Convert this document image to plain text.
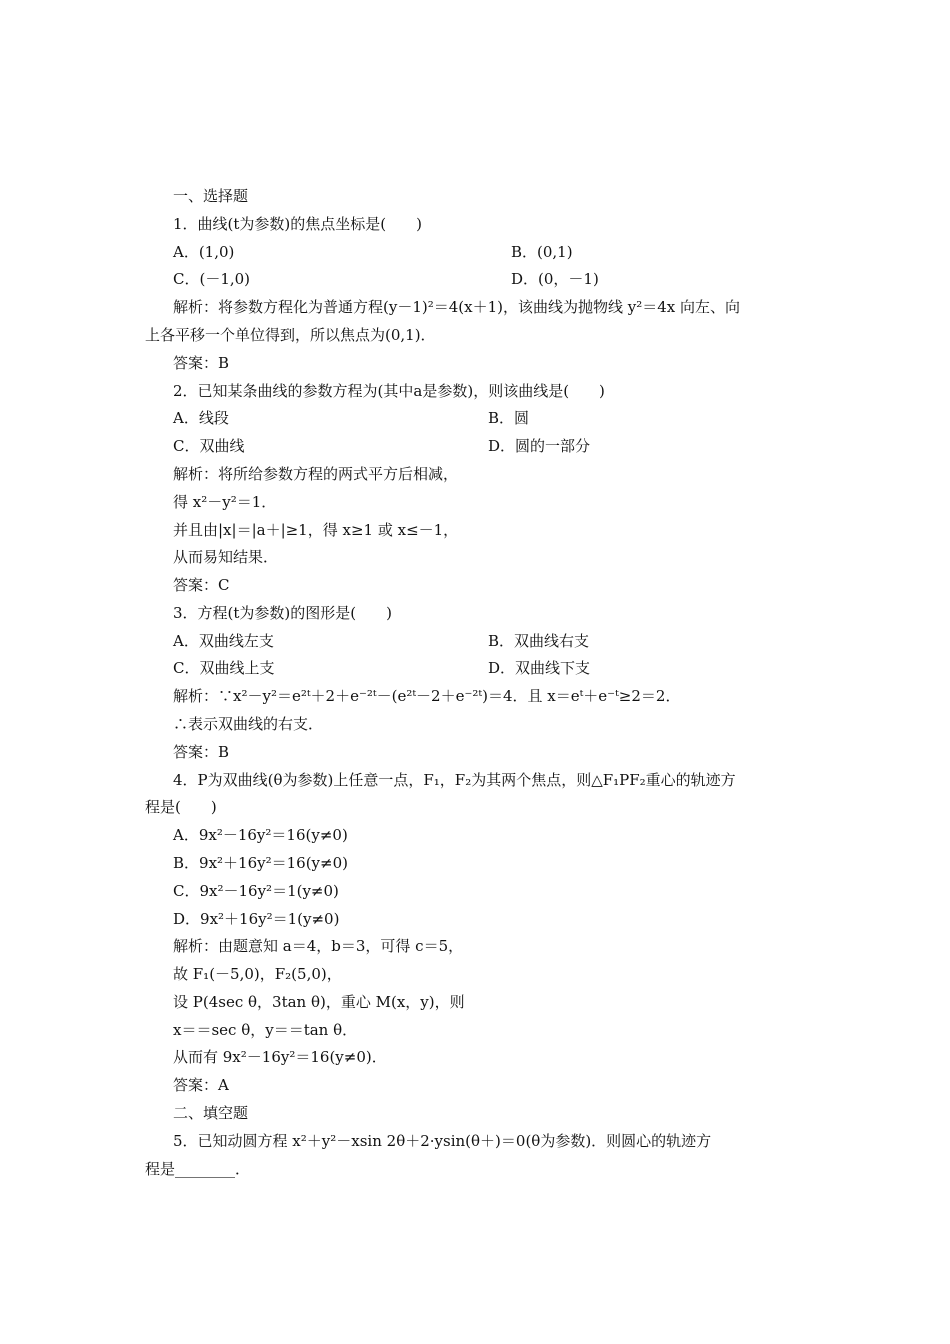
一、选择题
1．曲线(t为参数)的焦点坐标是(　　)
A．(1,0)	B．(0,1)
C．(－1,0)	D．(0，－1)
解析：将参数方程化为普通方程(y－1)²＝4(x＋1)，该曲线为抛物线 y²＝4x 向左、向
上各平移一个单位得到，所以焦点为(0,1)．
答案：B
2．已知某条曲线的参数方程为(其中a是参数)，则该曲线是(　　)
A．线段	B．圆
C．双曲线	D．圆的一部分
解析：将所给参数方程的两式平方后相减，
得 x²－y²＝1．
并且由|x|＝|a＋|≥1，得 x≥1 或 x≤－1，
从而易知结果．
答案：C
3．方程(t为参数)的图形是(　　)
A．双曲线左支	B．双曲线右支
C．双曲线上支	D．双曲线下支
解析：∵x²－y²＝e²ᵗ＋2＋e⁻²ᵗ－(e²ᵗ－2＋e⁻²ᵗ)＝4．且 x＝eᵗ＋e⁻ᵗ≥2＝2．
∴表示双曲线的右支．
答案：B
4．P为双曲线(θ为参数)上任意一点，F₁，F₂为其两个焦点，则△F₁PF₂重心的轨迹方
程是(　　)
A．9x²－16y²＝16(y≠0)
B．9x²＋16y²＝16(y≠0)
C．9x²－16y²＝1(y≠0)
D．9x²＋16y²＝1(y≠0)
解析：由题意知 a＝4，b＝3，可得 c＝5，
故 F₁(－5,0)，F₂(5,0)，
设 P(4sec θ，3tan θ)，重心 M(x，y)，则
x＝＝sec θ，y＝＝tan θ．
从而有 9x²－16y²＝16(y≠0)．
答案：A
二、填空题
5．已知动圆方程 x²＋y²－xsin 2θ＋2·ysin(θ＋)＝0(θ为参数)．则圆心的轨迹方
程是________．
